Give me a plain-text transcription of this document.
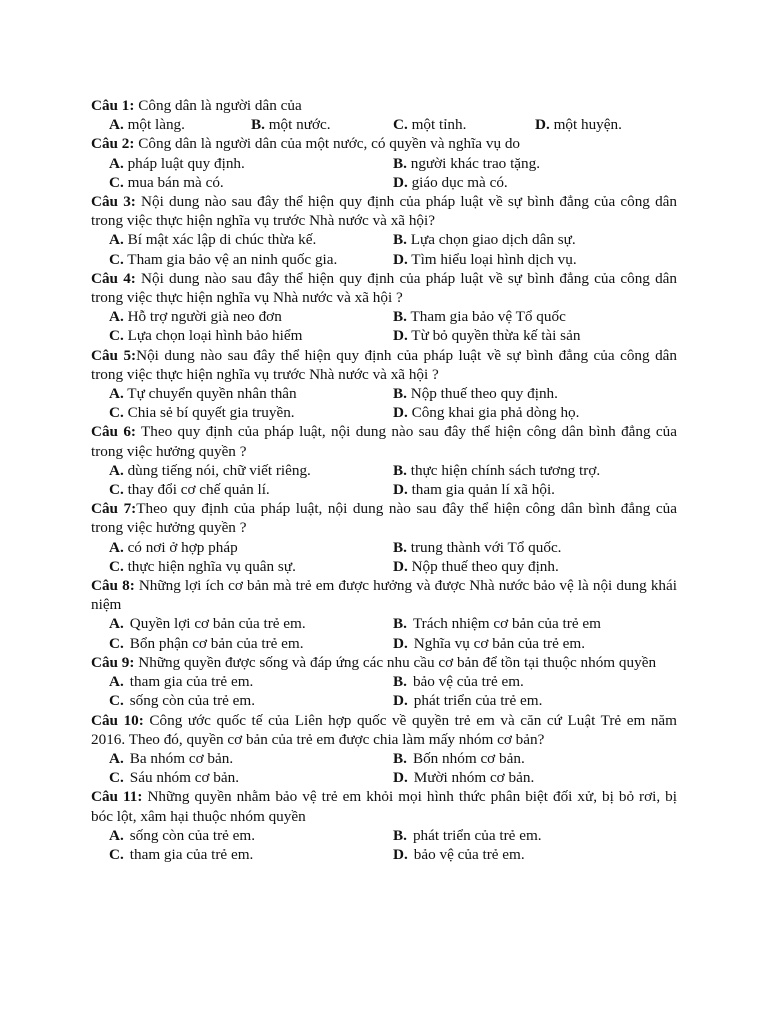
Câu 1: Công dân là người dân của
A. một làng.	B. một nước.	C. một tỉnh.	D. một huyện.
Câu 2: Công dân là người dân của một nước, có quyền và nghĩa vụ do
A. pháp luật quy định.	B. người khác trao tặng.
C. mua bán mà có.	D. giáo dục mà có.
Câu 3: Nội dung nào sau đây thể hiện quy định của pháp luật về sự bình đẳng của công dân trong việc thực hiện nghĩa vụ trước Nhà nước và xã hội?
A. Bí mật xác lập di chúc thừa kế.	B. Lựa chọn giao dịch dân sự.
C. Tham gia bảo vệ an ninh quốc gia.	D. Tìm hiểu loại hình dịch vụ.
Câu 4: Nội dung nào sau đây thể hiện quy định của pháp luật về sự bình đẳng của công dân trong việc thực hiện nghĩa vụ Nhà nước và xã hội ?
A. Hỗ trợ người già neo đơn	B. Tham gia bảo vệ Tổ quốc
C. Lựa chọn loại hình bảo hiểm	D. Từ bỏ quyền thừa kế tài sản
Câu 5:Nội dung nào sau đây thể hiện quy định của pháp luật về sự bình đẳng của công dân trong việc thực hiện nghĩa vụ trước Nhà nước và xã hội ?
A. Tự chuyển quyền nhân thân	B. Nộp thuế theo quy định.
C. Chia sẻ bí quyết gia truyền.	D. Công khai gia phả dòng họ.
Câu 6: Theo quy định của pháp luật, nội dung nào sau đây thể hiện công dân bình đẳng của trong việc hưởng quyền ?
A. dùng tiếng nói, chữ viết riêng.	B. thực hiện chính sách tương trợ.
C. thay đổi cơ chế quản lí.	D. tham gia quản lí xã hội.
Câu 7:Theo quy định của pháp luật, nội dung nào sau đây thể hiện công dân bình đẳng của trong việc hưởng quyền ?
A. có nơi ở hợp pháp	B. trung thành với Tổ quốc.
C. thực hiện nghĩa vụ quân sự.	D. Nộp thuế theo quy định.
Câu 8: Những lợi ích cơ bản mà trẻ em được hưởng và được Nhà nước bảo vệ là nội dung khái niệm
A. Quyền lợi cơ bản của trẻ em.	B. Trách nhiệm cơ bản của trẻ em
C. Bổn phận cơ bản của trẻ em.	D. Nghĩa vụ cơ bản của trẻ em.
Câu 9: Những quyền được sống và đáp ứng các nhu cầu cơ bản để tồn tại thuộc nhóm quyền
A. tham gia của trẻ em.	B. bảo vệ của trẻ em.
C. sống còn của trẻ em.	D. phát triển của trẻ em.
Câu 10: Công ước quốc tế của Liên hợp quốc về quyền trẻ em và căn cứ Luật Trẻ em năm 2016. Theo đó, quyền cơ bản của trẻ em được chia làm mấy nhóm cơ bản?
A. Ba nhóm cơ bản.	B. Bốn nhóm cơ bản.
C. Sáu nhóm cơ bản.	D. Mười nhóm cơ bản.
Câu 11: Những quyền nhằm bảo vệ trẻ em khỏi mọi hình thức phân biệt đối xử, bị bỏ rơi, bị bóc lột, xâm hại thuộc nhóm quyền
A. sống còn của trẻ em.	B. phát triển của trẻ em.
C. tham gia của trẻ em.	D. bảo vệ của trẻ em.
